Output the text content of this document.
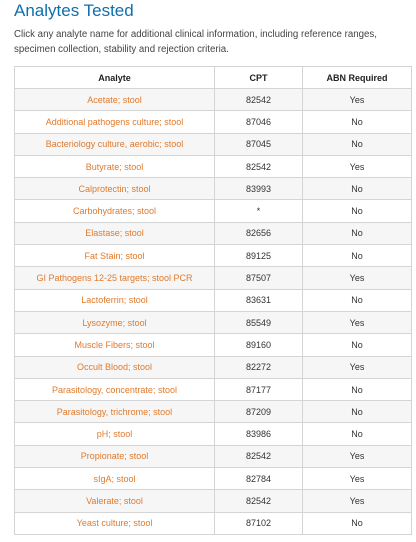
Analytes Tested
Click any analyte name for additional clinical information, including reference ranges, specimen collection, stability and rejection criteria.
Analyte	CPT	ABN Required
Acetate; stool	82542	Yes
Additional pathogens culture; stool	87046	No
Bacteriology culture, aerobic; stool	87045	No
Butyrate; stool	82542	Yes
Calprotectin; stool	83993	No
Carbohydrates; stool	*	No
Elastase; stool	82656	No
Fat Stain; stool	89125	No
GI Pathogens 12-25 targets; stool PCR	87507	Yes
Lactoferrin; stool	83631	No
Lysozyme; stool	85549	Yes
Muscle Fibers; stool	89160	No
Occult Blood; stool	82272	Yes
Parasitology, concentrate; stool	87177	No
Parasitology, trichrome; stool	87209	No
pH; stool	83986	No
Propionate; stool	82542	Yes
sIgA; stool	82784	Yes
Valerate; stool	82542	Yes
Yeast culture; stool	87102	No
